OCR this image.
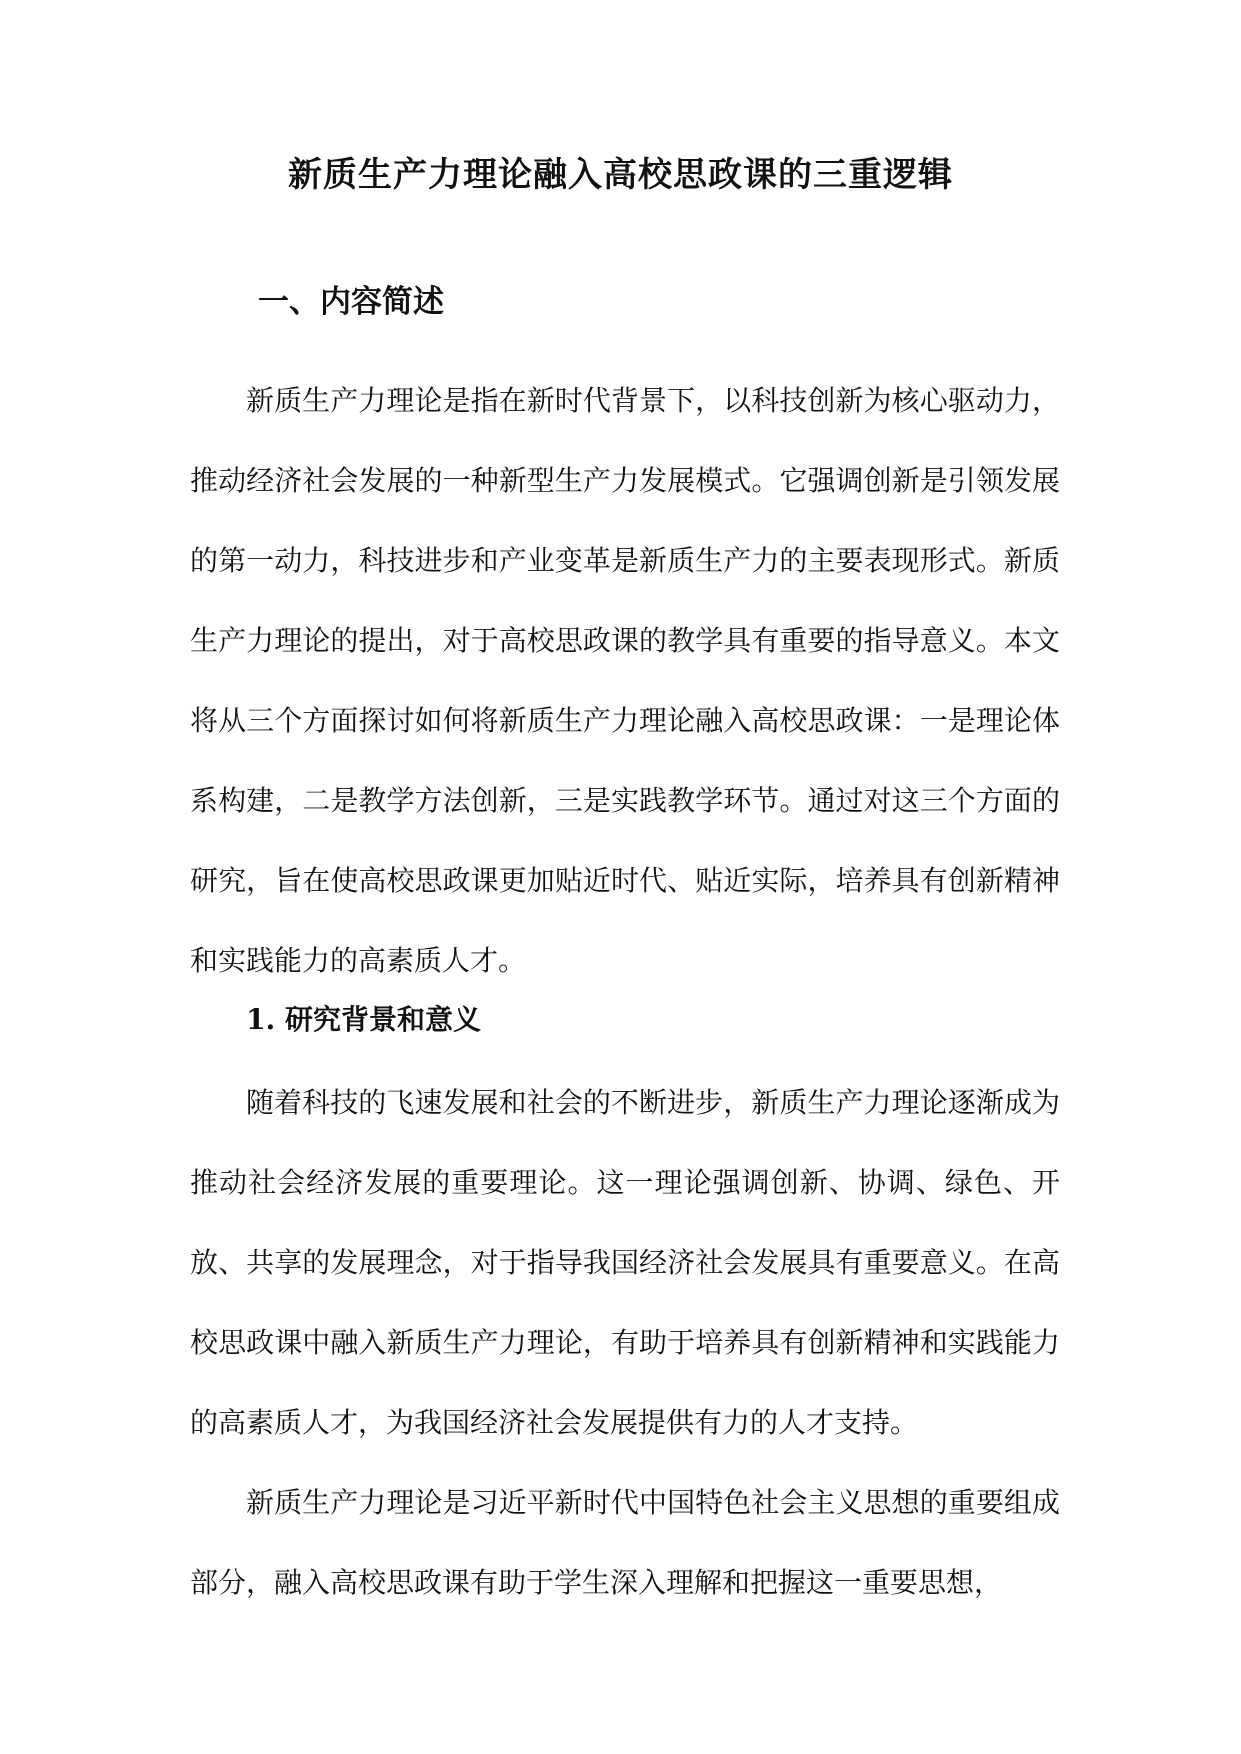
新质生产力理论融入高校思政课的三重逻辑
一、内容简述

新质生产力理论是指在新时代背景下，以科技创新为核心驱动力，推动经济社会发展的一种新型生产力发展模式。它强调创新是引领发展的第一动力，科技进步和产业变革是新质生产力的主要表现形式。新质生产力理论的提出，对于高校思政课的教学具有重要的指导意义。本文将从三个方面探讨如何将新质生产力理论融入高校思政课：一是理论体系构建，二是教学方法创新，三是实践教学环节。通过对这三个方面的研究，旨在使高校思政课更加贴近时代、贴近实际，培养具有创新精神和实践能力的高素质人才。

1. 研究背景和意义

随着科技的飞速发展和社会的不断进步，新质生产力理论逐渐成为推动社会经济发展的重要理论。这一理论强调创新、协调、绿色、开放、共享的发展理念，对于指导我国经济社会发展具有重要意义。在高校思政课中融入新质生产力理论，有助于培养具有创新精神和实践能力的高素质人才，为我国经济社会发展提供有力的人才支持。

新质生产力理论是习近平新时代中国特色社会主义思想的重要组成部分，融入高校思政课有助于学生深入理解和把握这一重要思想，
